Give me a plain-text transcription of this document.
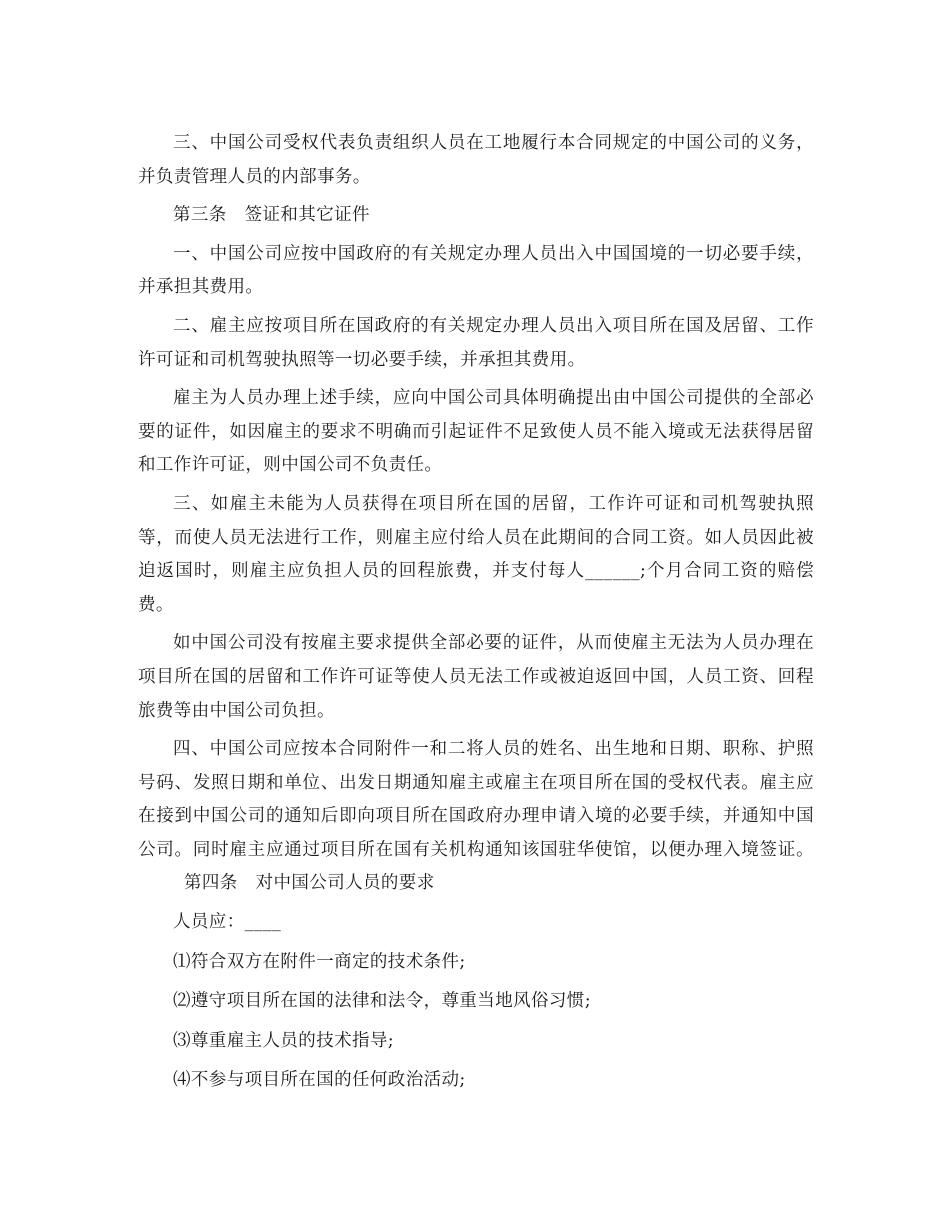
三、中国公司受权代表负责组织人员在工地履行本合同规定的中国公司的义务，并负责管理人员的内部事务。

第三条　签证和其它证件

一、中国公司应按中国政府的有关规定办理人员出入中国国境的一切必要手续，并承担其费用。

二、雇主应按项目所在国政府的有关规定办理人员出入项目所在国及居留、工作许可证和司机驾驶执照等一切必要手续，并承担其费用。

雇主为人员办理上述手续，应向中国公司具体明确提出由中国公司提供的全部必要的证件，如因雇主的要求不明确而引起证件不足致使人员不能入境或无法获得居留和工作许可证，则中国公司不负责任。

三、如雇主未能为人员获得在项目所在国的居留，工作许可证和司机驾驶执照等，而使人员无法进行工作，则雇主应付给人员在此期间的合同工资。如人员因此被迫返国时，则雇主应负担人员的回程旅费，并支付每人______;个月合同工资的赔偿费。

如中国公司没有按雇主要求提供全部必要的证件，从而使雇主无法为人员办理在项目所在国的居留和工作许可证等使人员无法工作或被迫返回中国，人员工资、回程旅费等由中国公司负担。

四、中国公司应按本合同附件一和二将人员的姓名、出生地和日期、职称、护照号码、发照日期和单位、出发日期通知雇主或雇主在项目所在国的受权代表。雇主应在接到中国公司的通知后即向项目所在国政府办理申请入境的必要手续，并通知中国公司。同时雇主应通过项目所在国有关机构通知该国驻华使馆，以便办理入境签证。第四条　对中国公司人员的要求

人员应：____

⑴符合双方在附件一商定的技术条件;

⑵遵守项目所在国的法律和法令，尊重当地风俗习惯;

⑶尊重雇主人员的技术指导;

⑷不参与项目所在国的任何政治活动;
